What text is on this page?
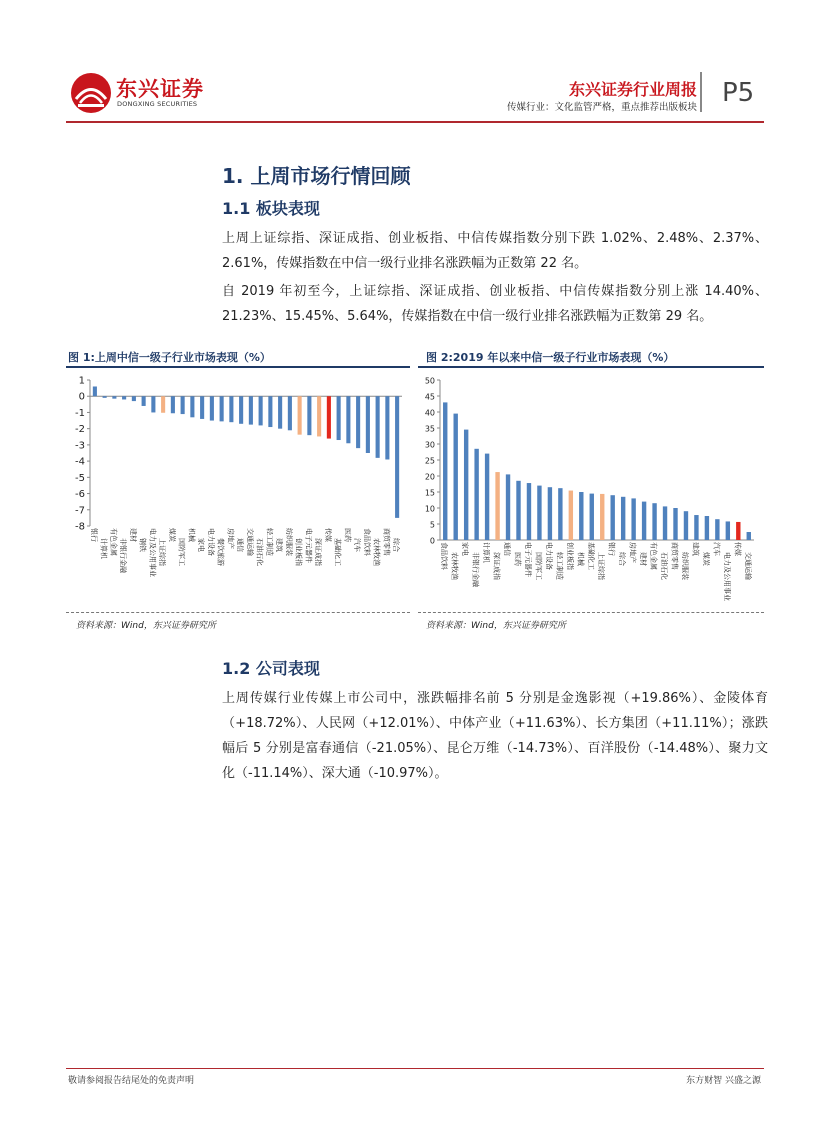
东兴证券
DONGXING SECURITIES
东兴证券行业周报
传媒行业：文化监管严格，重点推荐出版板块 P5
1. 上周市场行情回顾
1.1 板块表现
上周上证综指、深证成指、创业板指、中信传媒指数分别下跌 1.02%、2.48%、2.37%、2.61%，传媒指数在中信一级行业排名涨跌幅为正数第 22 名。
自 2019 年初至今，上证综指、深证成指、创业板指、中信传媒指数分别上涨 14.40%、21.23%、15.45%、5.64%，传媒指数在中信一级行业排名涨跌幅为正数第 29 名。
图 1:上周中信一级子行业市场表现（%）
1
0
-1
-2
-3
-4
-5
-6
-7
-8
银行
计算机 有色金属 非银行金融
建材
钢铁 电力及公用事业 上证综指
煤炭
国防军工
机械
家电 电力设备 餐饮旅游 房地产 通信 交通运输 石油石化 轻工制造 建筑 纺织服装 创业板指 电子元器件 深证成指
传媒
基础化工
医药
汽车 食品饮料 农林牧渔 商贸零售 综合
资料来源：Wind，东兴证券研究所
图 2:2019 年以来中信一级子行业市场表现（%）
50
45
40
35
30
25
20
15
10
5
0
食品饮料 农林牧渔
家电
非银行金融 计算机 深证成指
通信
医药 电子元器件 国防军工 电力设备 轻工制造 创业板指 机械 基础化工 上证综指
银行
综合 房地产 建材 有色金属 石油石化 商贸零售 纺织服装
建筑
煤炭
汽车
电力及公用事业
传媒
交通运输
资料来源：Wind，东兴证券研究所
1.2 公司表现
上周传媒行业传媒上市公司中，涨跌幅排名前 5 分别是金逸影视（+19.86%）、金陵体育（+18.72%）、人民网（+12.01%）、中体产业（+11.63%）、长方集团（+11.11%）；涨跌幅后 5 分别是富春通信（-21.05%）、昆仑万维（-14.73%）、百洋股份（-14.48%）、聚力文化（-11.14%）、深大通（-10.97%）。
敬请参阅报告结尾处的免责声明	东方财智 兴盛之源
